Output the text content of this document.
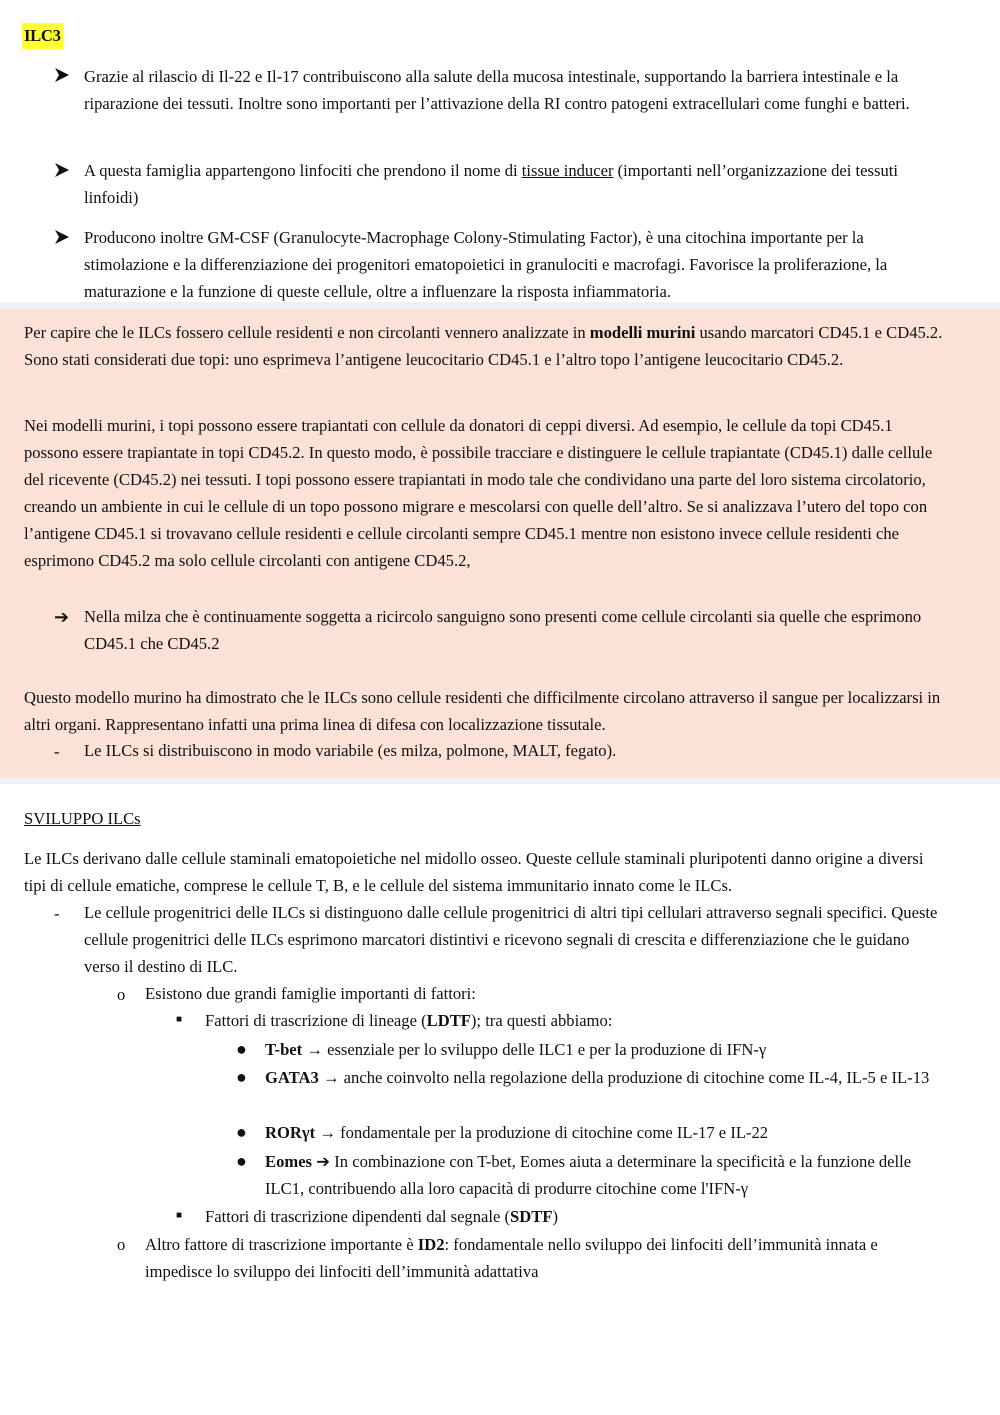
ILC3
Grazie al rilascio di Il-22 e Il-17 contribuiscono alla salute della mucosa intestinale, supportando la barriera intestinale e la riparazione dei tessuti. Inoltre sono importanti per l’attivazione della RI contro patogeni extracellulari come funghi e batteri.
A questa famiglia appartengono linfociti che prendono il nome di tissue inducer (importanti nell’organizzazione dei tessuti linfoidi)
Producono inoltre GM-CSF (Granulocyte-Macrophage Colony-Stimulating Factor), è una citochina importante per la stimolazione e la differenziazione dei progenitori ematopoietici in granulociti e macrofagi. Favorisce la proliferazione, la maturazione e la funzione di queste cellule, oltre a influenzare la risposta infiammatoria.
Per capire che le ILCs fossero cellule residenti e non circolanti vennero analizzate in modelli murini usando marcatori CD45.1 e CD45.2. Sono stati considerati due topi: uno esprimeva l’antigene leucocitario CD45.1 e l’altro topo l’antigene leucocitario CD45.2.
Nei modelli murini, i topi possono essere trapiantati con cellule da donatori di ceppi diversi. Ad esempio, le cellule da topi CD45.1 possono essere trapiantate in topi CD45.2. In questo modo, è possibile tracciare e distinguere le cellule trapiantate (CD45.1) dalle cellule del ricevente (CD45.2) nei tessuti. I topi possono essere trapiantati in modo tale che condividano una parte del loro sistema circolatorio, creando un ambiente in cui le cellule di un topo possono migrare e mescolarsi con quelle dell’altro. Se si analizzava l’utero del topo con l’antigene CD45.1 si trovavano cellule residenti e cellule circolanti sempre CD45.1 mentre non esistono invece cellule residenti che esprimono CD45.2 ma solo cellule circolanti con antigene CD45.2,
➔ Nella milza che è continuamente soggetta a ricircolo sanguigno sono presenti come cellule circolanti sia quelle che esprimono CD45.1 che CD45.2
Questo modello murino ha dimostrato che le ILCs sono cellule residenti che difficilmente circolano attraverso il sangue per localizzarsi in altri organi. Rappresentano infatti una prima linea di difesa con localizzazione tissutale.
- Le ILCs si distribuiscono in modo variabile (es milza, polmone, MALT, fegato).
SVILUPPO ILCs
Le ILCs derivano dalle cellule staminali ematopoietiche nel midollo osseo. Queste cellule staminali pluripotenti danno origine a diversi tipi di cellule ematiche, comprese le cellule T, B, e le cellule del sistema immunitario innato come le ILCs.
- Le cellule progenitrici delle ILCs si distinguono dalle cellule progenitrici di altri tipi cellulari attraverso segnali specifici. Queste cellule progenitrici delle ILCs esprimono marcatori distintivi e ricevono segnali di crescita e differenziazione che le guidano verso il destino di ILC.
o Esistono due grandi famiglie importanti di fattori:
■ Fattori di trascrizione di lineage (LDTF); tra questi abbiamo:
● T-bet → essenziale per lo sviluppo delle ILC1 e per la produzione di IFN-γ
● GATA3 → anche coinvolto nella regolazione della produzione di citochine come IL-4, IL-5 e IL-13
● RORγt → fondamentale per la produzione di citochine come IL-17 e IL-22
● Eomes ➔ In combinazione con T-bet, Eomes aiuta a determinare la specificità e la funzione delle ILC1, contribuendo alla loro capacità di produrre citochine come l'IFN-γ
■ Fattori di trascrizione dipendenti dal segnale (SDTF)
o Altro fattore di trascrizione importante è ID2: fondamentale nello sviluppo dei linfociti dell’immunità innata e impedisce lo sviluppo dei linfociti dell’immunità adattativa
